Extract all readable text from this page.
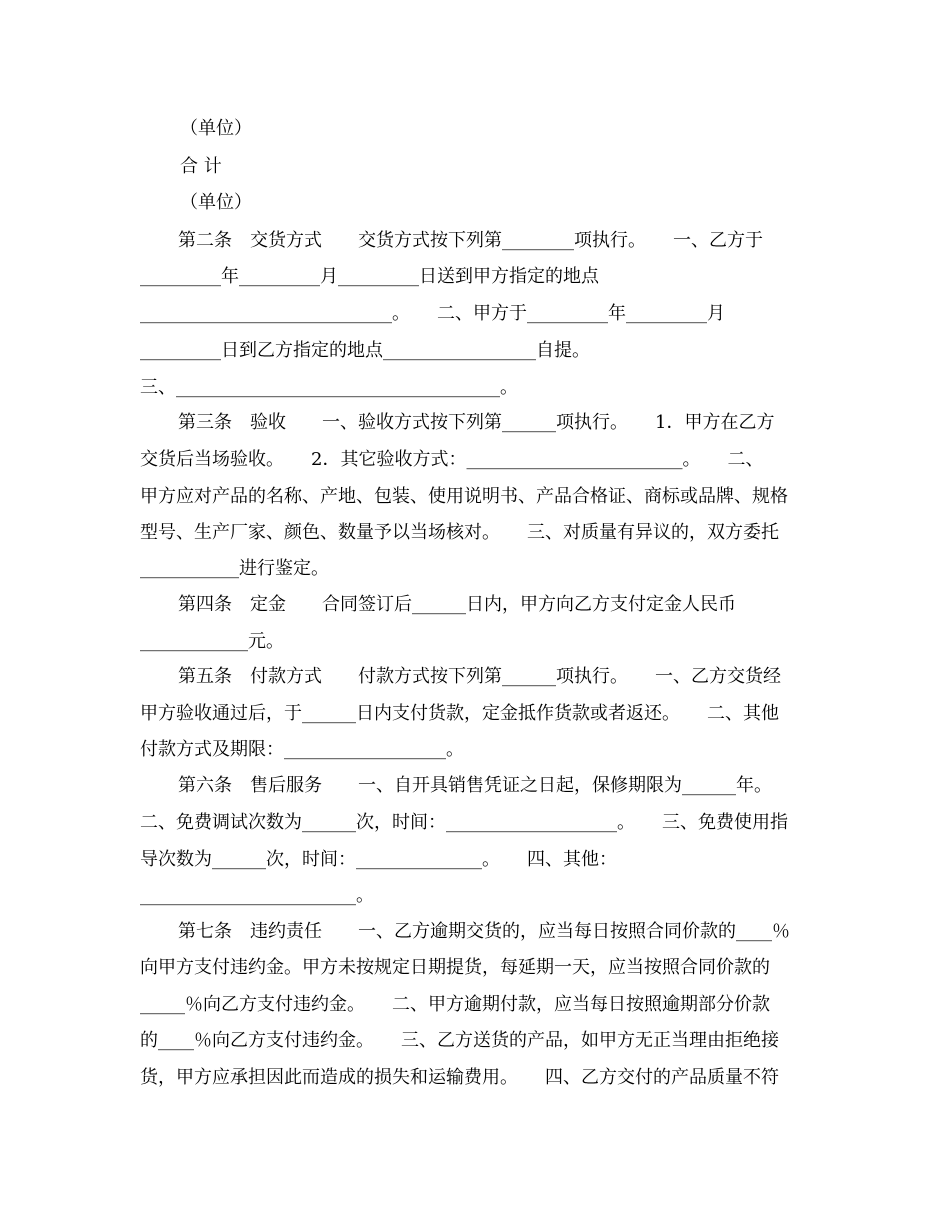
（单位）
合 计
（单位）
第二条　交货方式　　交货方式按下列第________项执行。　　一、乙方于
_________年_________月_________日送到甲方指定的地点
____________________________。　　二、甲方于_________年_________月
_________日到乙方指定的地点_________________自提。
三、____________________________________。
第三条　验收　　一、验收方式按下列第______项执行。　　1．甲方在乙方
交货后当场验收。　　2．其它验收方式：________________________。　　二、
甲方应对产品的名称、产地、包装、使用说明书、产品合格证、商标或品牌、规格
型号、生产厂家、颜色、数量予以当场核对。　　三、对质量有异议的，双方委托
___________进行鉴定。
第四条　定金　　合同签订后______日内，甲方向乙方支付定金人民币
____________元。
第五条　付款方式　　付款方式按下列第______项执行。　　一、乙方交货经
甲方验收通过后，于______日内支付货款，定金抵作货款或者返还。　　二、其他
付款方式及期限：__________________。
第六条　售后服务　　一、自开具销售凭证之日起，保修期限为______年。
二、免费调试次数为______次，时间：___________________。　　三、免费使用指
导次数为______次，时间：______________。　　四、其他：
________________________。
第七条　违约责任　　一、乙方逾期交货的，应当每日按照合同价款的____％
向甲方支付违约金。甲方未按规定日期提货，每延期一天，应当按照合同价款的
_____％向乙方支付违约金。　　二、甲方逾期付款，应当每日按照逾期部分价款
的____％向乙方支付违约金。　　三、乙方送货的产品，如甲方无正当理由拒绝接
货，甲方应承担因此而造成的损失和运输费用。　　四、乙方交付的产品质量不符
